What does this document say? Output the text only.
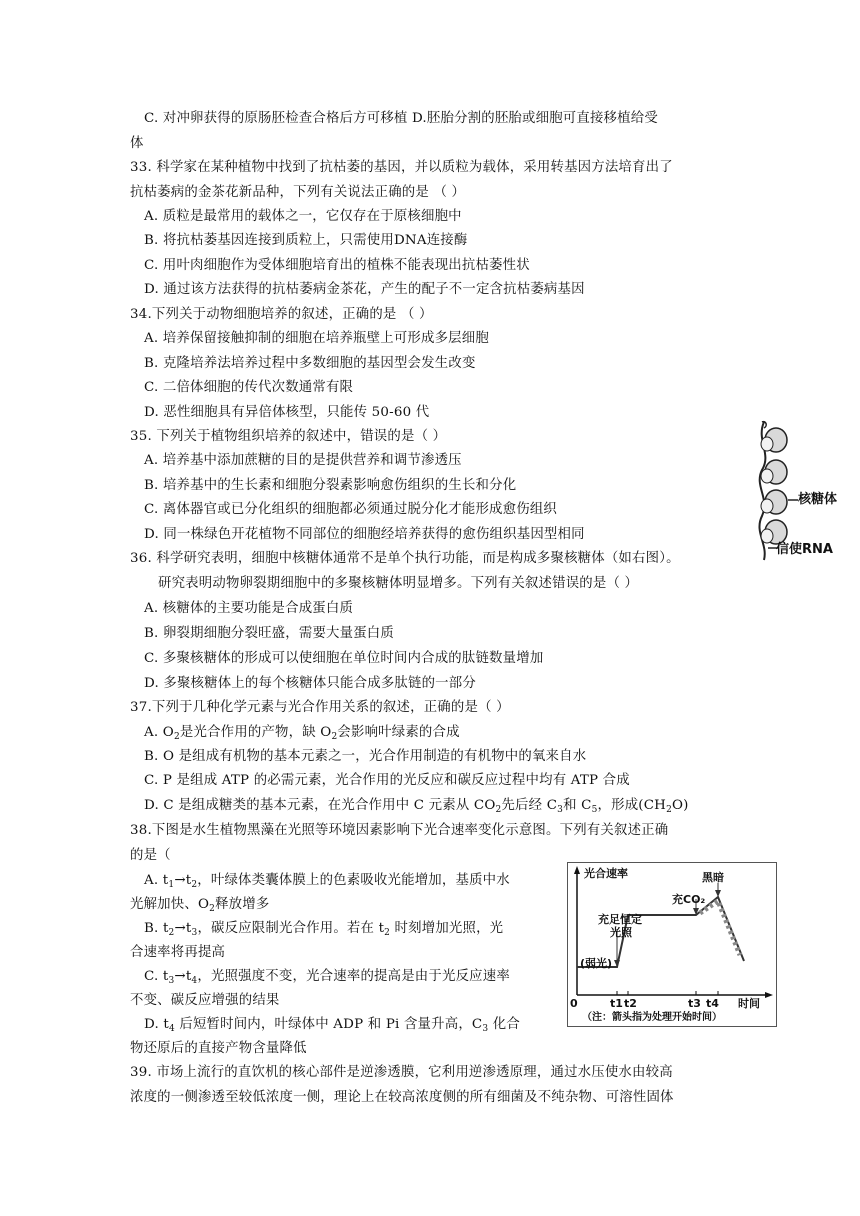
C. 对冲卵获得的原肠胚检查合格后方可移植 D.胚胎分割的胚胎或细胞可直接移植给受
体
33. 科学家在某种植物中找到了抗枯萎的基因，并以质粒为载体，采用转基因方法培育出了
抗枯萎病的金茶花新品种，下列有关说法正确的是 （ ）
A. 质粒是最常用的载体之一，它仅存在于原核细胞中
B. 将抗枯萎基因连接到质粒上，只需使用DNA连接酶
C. 用叶肉细胞作为受体细胞培育出的植株不能表现出抗枯萎性状
D. 通过该方法获得的抗枯萎病金茶花，产生的配子不一定含抗枯萎病基因
34.下列关于动物细胞培养的叙述，正确的是 （ ）
A. 培养保留接触抑制的细胞在培养瓶壁上可形成多层细胞
B. 克隆培养法培养过程中多数细胞的基因型会发生改变
C. 二倍体细胞的传代次数通常有限
D. 恶性细胞具有异倍体核型，只能传 50-60 代
35. 下列关于植物组织培养的叙述中，错误的是（ ）
A. 培养基中添加蔗糖的目的是提供营养和调节渗透压
B. 培养基中的生长素和细胞分裂素影响愈伤组织的生长和分化
C. 离体器官或已分化组织的细胞都必须通过脱分化才能形成愈伤组织
D. 同一株绿色开花植物不同部位的细胞经培养获得的愈伤组织基因型相同
36. 科学研究表明，细胞中核糖体通常不是单个执行功能，而是构成多聚核糖体（如右图）。
研究表明动物卵裂期细胞中的多聚核糖体明显增多。下列有关叙述错误的是（ ）
A. 核糖体的主要功能是合成蛋白质
B. 卵裂期细胞分裂旺盛，需要大量蛋白质
C. 多聚核糖体的形成可以使细胞在单位时间内合成的肽链数量增加
D. 多聚核糖体上的每个核糖体只能合成多肽链的一部分
37.下列于几种化学元素与光合作用关系的叙述，正确的是（ ）
A. $O_2$是光合作用的产物，缺 $O_2$会影响叶绿素的合成
B. O 是组成有机物的基本元素之一，光合作用制造的有机物中的氧来自水
C. P 是组成 ATP 的必需元素，光合作用的光反应和碳反应过程中均有 ATP 合成
D. C 是组成糖类的基本元素，在光合作用中 C 元素从 $CO_2$先后经 $C_3$和 $C_5$，形成$(CH_2O)$
38.下图是水生植物黑藻在光照等环境因素影响下光合速率变化示意图。下列有关叙述正确
的是（
A. $t_1\to t_2$，叶绿体类囊体膜上的色素吸收光能增加，基质中水
光解加快、$O_2$释放增多
B. $t_2\to t_3$，碳反应限制光合作用。若在 $t_2$ 时刻增加光照，光
合速率将再提高
C. $t_3\to t_4$，光照强度不变，光合速率的提高是由于光反应速率
不变、碳反应增强的结果
D. $t_4$ 后短暂时间内，叶绿体中 ADP 和 Pi 含量升高，$C_3$ 化合
物还原后的直接产物含量降低
39. 市场上流行的直饮机的核心部件是逆渗透膜，它利用逆渗透原理，通过水压使水由较高
浓度的一侧渗透至较低浓度一侧，理论上在较高浓度侧的所有细菌及不纯杂物、可溶性固体
核糖体
信使RNA
光合速率	黑暗
充CO₂
充足恒定
光照
(弱光)
0	t1 t2	t3 t4 时间
（注：箭头指为处理开始时间）
